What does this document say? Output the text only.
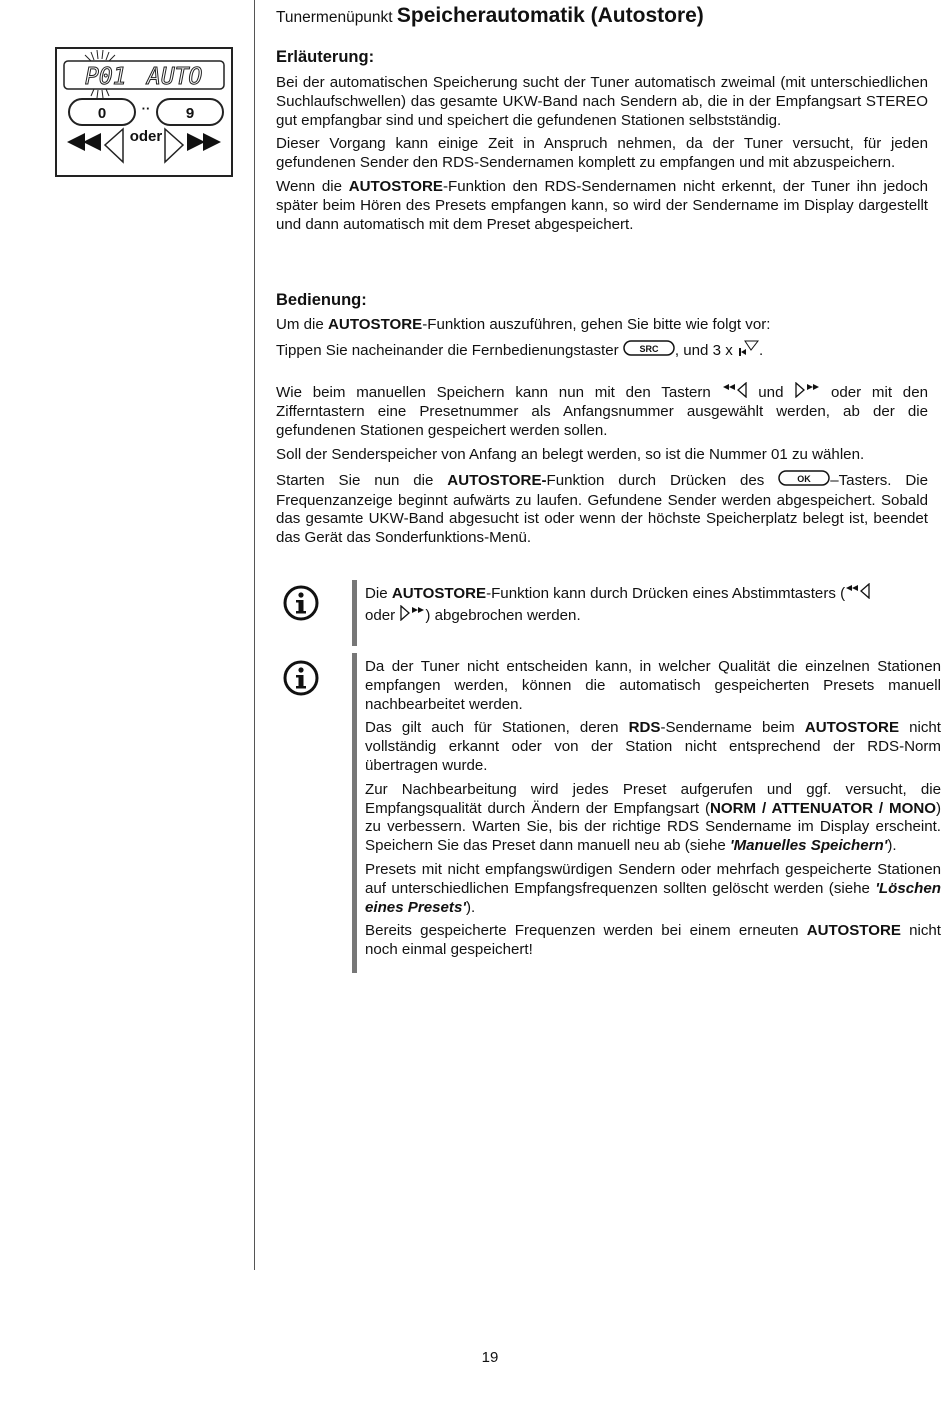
Tunermenüpunkt Speicherautomatik (Autostore)
P01 AUTO
0	·· 9
oder
Erläuterung:

Bei der automatischen Speicherung sucht der Tuner automatisch zweimal (mit unterschiedlichen Suchlaufschwellen) das gesamte UKW-Band nach Sendern ab, die in der Empfangsart STEREO gut empfangbar sind und speichert die gefundenen Stationen selbstständig.

Dieser Vorgang kann einige Zeit in Anspruch nehmen, da der Tuner versucht, für jeden gefundenen Sender den RDS-Sendernamen komplett zu empfangen und mit abzuspeichern.

Wenn die AUTOSTORE-Funktion den RDS-Sendernamen nicht erkennt, der Tuner ihn jedoch später beim Hören des Presets empfangen kann, so wird der Sendername im Display dargestellt und dann automatisch mit dem Preset abgespeichert.

Bedienung:

Um die AUTOSTORE-Funktion auszuführen, gehen Sie bitte wie folgt vor:

Tippen Sie nacheinander die Fernbedienungstaster SRC , und 3 x .

Wie beim manuellen Speichern kann nun mit den Tastern  und  oder mit den Zifferntastern eine Presetnummer als Anfangsnummer ausgewählt werden, ab der die gefundenen Stationen gespeichert werden sollen.

Soll der Senderspeicher von Anfang an belegt werden, so ist die Nummer 01 zu wählen.

Starten Sie nun die AUTOSTORE-Funktion durch Drücken des OK –Tasters. Die Frequenzanzeige beginnt aufwärts zu laufen. Gefundene Sender werden abgespeichert. Sobald das gesamte UKW-Band abgesucht ist oder wenn der höchste Speicherplatz belegt ist, beendet das Gerät das Sonderfunktions-Menü.

Die AUTOSTORE-Funktion kann durch Drücken eines Abstimmtasters (
oder ) abgebrochen werden.

Da der Tuner nicht entscheiden kann, in welcher Qualität die einzelnen Stationen empfangen werden, können die automatisch gespeicherten Presets manuell nachbearbeitet werden.

Das gilt auch für Stationen, deren RDS-Sendername beim AUTOSTORE nicht vollständig erkannt oder von der Station nicht entsprechend der RDS-Norm übertragen wurde.

Zur Nachbearbeitung wird jedes Preset aufgerufen und ggf. versucht, die Empfangsqualität durch Ändern der Empfangsart (NORM / ATTENUATOR / MONO) zu verbessern. Warten Sie, bis der richtige RDS Sendername im Display erscheint. Speichern Sie das Preset dann manuell neu ab (siehe 'Manuelles Speichern').

Presets mit nicht empfangswürdigen Sendern oder mehrfach gespeicherte Stationen auf unterschiedlichen Empfangsfrequenzen sollten gelöscht werden (siehe 'Löschen eines Presets').

Bereits gespeicherte Frequenzen werden bei einem erneuten AUTOSTORE nicht noch einmal gespeichert!

19
